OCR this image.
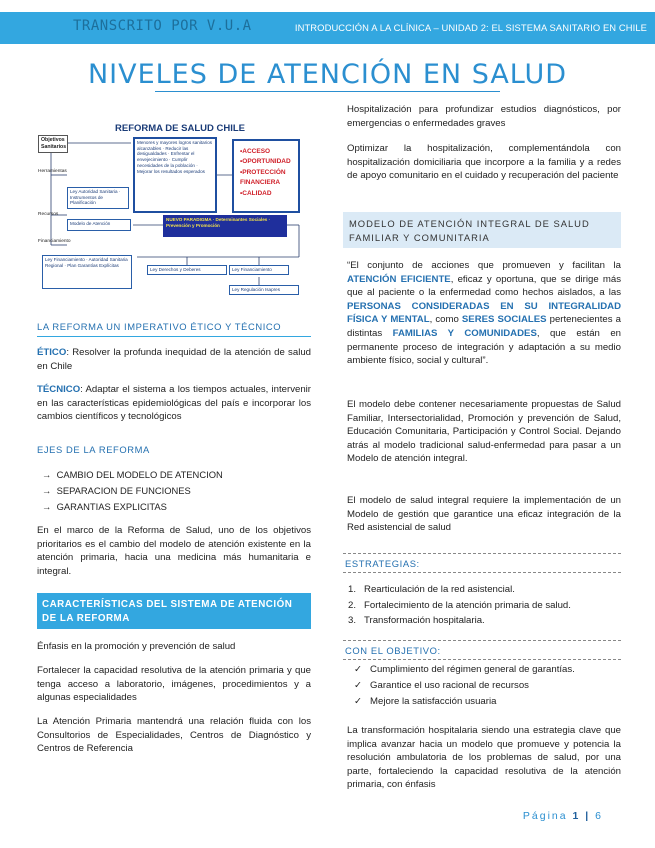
TRANSCRITO POR V.U.A	INTRODUCCIÓN A LA CLÍNICA – UNIDAD 2: EL SISTEMA SANITARIO EN CHILE
NIVELES DE ATENCIÓN EN SALUD
REFORMA DE SALUD CHILE
Objetivos Sanitarios
Herramientas
Ley Autoridad Sanitaria · Instrumentos de Planificación
Recursos
Modelo de Atención
Financiamiento
Ley Financiamiento · Autoridad Sanitaria Regional · Plan Garantías Explícitas
Menores y mayores logros sanitarios alcanzables · Reducir las desigualdades · Enfrentar el envejecimiento · Cumplir necesidades de la población · Mejorar los resultados esperados
•ACCESO
•OPORTUNIDAD
•PROTECCIÓN FINANCIERA
•CALIDAD
NUEVO PARADIGMA · Determinantes Sociales · Prevención y Promoción
Ley Derechos y Deberes	Ley Financiamiento
Ley Regulación Isapres
LA REFORMA UN IMPERATIVO ÉTICO Y TÉCNICO

ÉTICO: Resolver la profunda inequidad de la atención de salud en Chile

TÉCNICO: Adaptar el sistema a los tiempos actuales, intervenir en las características epidemiológicas del país e incorporar los cambios científicos y tecnológicos

EJES DE LA REFORMA
→ CAMBIO DEL MODELO DE ATENCION
→ SEPARACION DE FUNCIONES
→ GARANTIAS EXPLICITAS

En el marco de la Reforma de Salud, uno de los objetivos prioritarios es el cambio del modelo de atención existente en la atención primaria, hacia una medicina más humanitaria e integral.

CARACTERÍSTICAS DEL SISTEMA DE ATENCIÓN DE LA REFORMA

Énfasis en la promoción y prevención de salud

Fortalecer la capacidad resolutiva de la atención primaria y que tenga acceso a laboratorio, imágenes, procedimientos y a algunas especialidades

La Atención Primaria mantendrá una relación fluida con los Consultorios de Especialidades, Centros de Diagnóstico y Centros de Referencia

Hospitalización para profundizar estudios diagnósticos, por emergencias o enfermedades graves

Optimizar la hospitalización, complementándola con hospitalización domiciliaria que incorpore a la familia y a redes de apoyo comunitario en el cuidado y recuperación del paciente

MODELO DE ATENCIÓN INTEGRAL DE SALUD FAMILIAR Y COMUNITARIA

“El conjunto de acciones que promueven y facilitan la ATENCIÓN EFICIENTE, eficaz y oportuna, que se dirige más que al paciente o la enfermedad como hechos aislados, a las PERSONAS CONSIDERADAS EN SU INTEGRALIDAD FÍSICA Y MENTAL, como SERES SOCIALES pertenecientes a distintas FAMILIAS Y COMUNIDADES, que están en permanente proceso de integración y adaptación a su medio ambiente físico, social y cultural”.

El modelo debe contener necesariamente propuestas de Salud Familiar, Intersectorialidad, Promoción y prevención de Salud, Educación Comunitaria, Participación y Control Social. Dejando atrás al modelo tradicional salud-enfermedad para pasar a un Modelo de atención integral.

El modelo de salud integral requiere la implementación de un Modelo de gestión que garantice una eficaz integración de la Red asistencial de salud

ESTRATEGIAS:
1. Rearticulación de la red asistencial.
2. Fortalecimiento de la atención primaria de salud.
3. Transformación hospitalaria.
CON EL OBJETIVO:
✓ Cumplimiento del régimen general de garantías.
✓ Garantice el uso racional de recursos
✓ Mejore la satisfacción usuaria

La transformación hospitalaria siendo una estrategia clave que implica avanzar hacia un modelo que promueve y potencia la resolución ambulatoria de los problemas de salud, por una parte, fortaleciendo la capacidad resolutiva de la atención primaria, con énfasis

Página 1 | 6
